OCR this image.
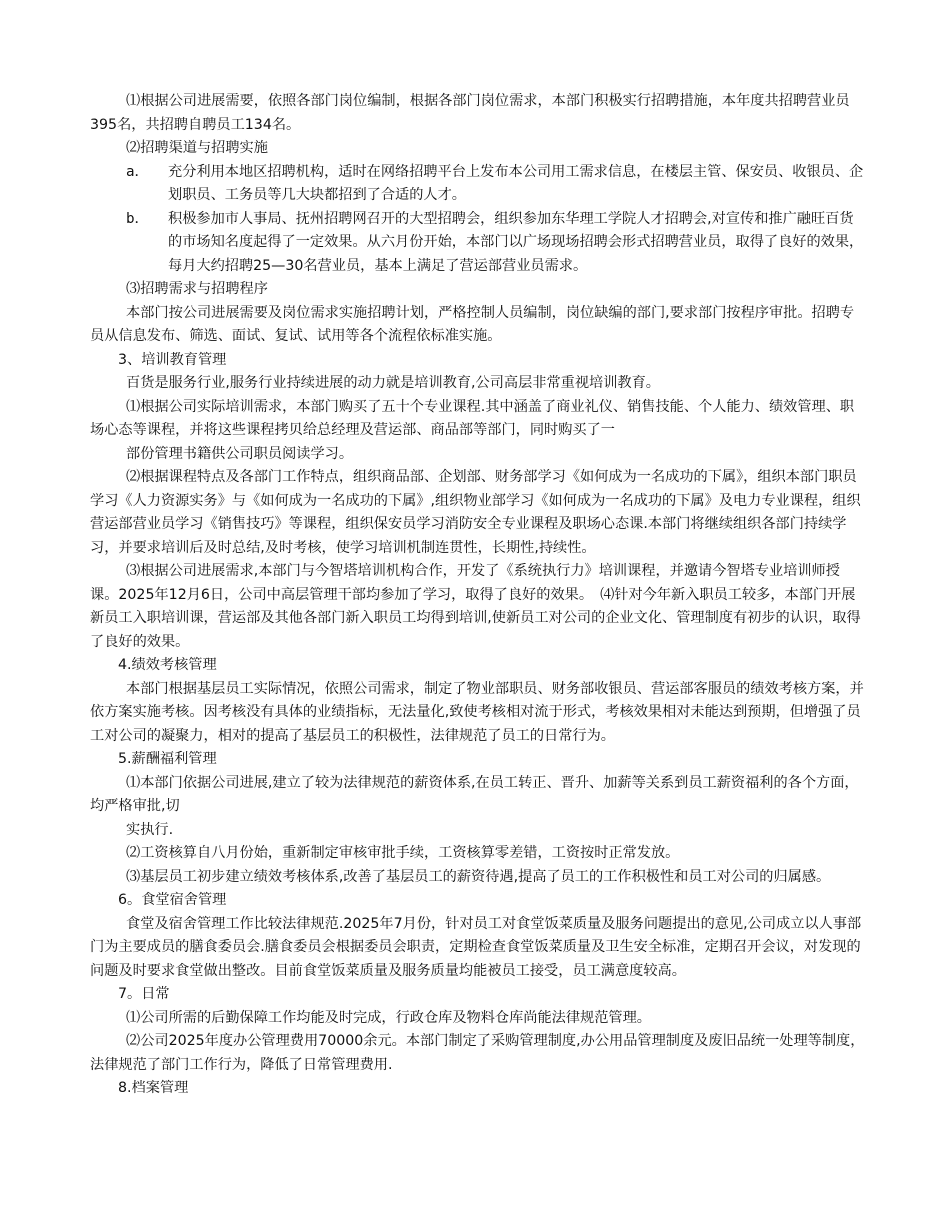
⑴根据公司进展需要，依照各部门岗位编制，根据各部门岗位需求，本部门积极实行招聘措施，本年度共招聘营业员395名，共招聘自聘员工134名。

⑵招聘渠道与招聘实施

a． 充分利用本地区招聘机构，适时在网络招聘平台上发布本公司用工需求信息，在楼层主管、保安员、收银员、企划职员、工务员等几大块都招到了合适的人才。
b． 积极参加市人事局、抚州招聘网召开的大型招聘会，组织参加东华理工学院人才招聘会,对宣传和推广融旺百货的市场知名度起得了一定效果。从六月份开始，本部门以广场现场招聘会形式招聘营业员，取得了良好的效果，每月大约招聘25—30名营业员，基本上满足了营运部营业员需求。

⑶招聘需求与招聘程序

本部门按公司进展需要及岗位需求实施招聘计划，严格控制人员编制，岗位缺编的部门,要求部门按程序审批。招聘专员从信息发布、筛选、面试、复试、试用等各个流程依标准实施。

3、培训教育管理

百货是服务行业,服务行业持续进展的动力就是培训教育,公司高层非常重视培训教育。

⑴根据公司实际培训需求，本部门购买了五十个专业课程.其中涵盖了商业礼仪、销售技能、个人能力、绩效管理、职场心态等课程，并将这些课程拷贝给总经理及营运部、商品部等部门，同时购买了一

部份管理书籍供公司职员阅读学习。

⑵根据课程特点及各部门工作特点，组织商品部、企划部、财务部学习《如何成为一名成功的下属》，组织本部门职员学习《人力资源实务》与《如何成为一名成功的下属》,组织物业部学习《如何成为一名成功的下属》及电力专业课程，组织营运部营业员学习《销售技巧》等课程，组织保安员学习消防安全专业课程及职场心态课.本部门将继续组织各部门持续学习，并要求培训后及时总结,及时考核，使学习培训机制连贯性，长期性,持续性。

⑶根据公司进展需求,本部门与今智塔培训机构合作，开发了《系统执行力》培训课程，并邀请今智塔专业培训师授课。2025年12月6日，公司中高层管理干部均参加了学习，取得了良好的效果。　⑷针对今年新入职员工较多，本部门开展新员工入职培训课，营运部及其他各部门新入职员工均得到培训,使新员工对公司的企业文化、管理制度有初步的认识，取得了良好的效果。

4.绩效考核管理

本部门根据基层员工实际情况，依照公司需求，制定了物业部职员、财务部收银员、营运部客服员的绩效考核方案，并依方案实施考核。因考核没有具体的业绩指标，无法量化,致使考核相对流于形式，考核效果相对未能达到预期，但增强了员工对公司的凝聚力，相对的提高了基层员工的积极性，法律规范了员工的日常行为。

5.薪酬福利管理

⑴本部门依据公司进展,建立了较为法律规范的薪资体系,在员工转正、晋升、加薪等关系到员工薪资福利的各个方面，均严格审批,切

实执行.

⑵工资核算自八月份始，重新制定审核审批手续，工资核算零差错，工资按时正常发放。

⑶基层员工初步建立绩效考核体系,改善了基层员工的薪资待遇,提高了员工的工作积极性和员工对公司的归属感。

6。食堂宿舍管理

食堂及宿舍管理工作比较法律规范.2025年7月份，针对员工对食堂饭菜质量及服务问题提出的意见,公司成立以人事部门为主要成员的膳食委员会.膳食委员会根据委员会职责，定期检查食堂饭菜质量及卫生安全标准，定期召开会议，对发现的问题及时要求食堂做出整改。目前食堂饭菜质量及服务质量均能被员工接受，员工满意度较高。

7。日常

⑴公司所需的后勤保障工作均能及时完成，行政仓库及物料仓库尚能法律规范管理。

⑵公司2025年度办公管理费用70000余元。本部门制定了采购管理制度,办公用品管理制度及废旧品统一处理等制度，法律规范了部门工作行为，降低了日常管理费用.

8.档案管理
